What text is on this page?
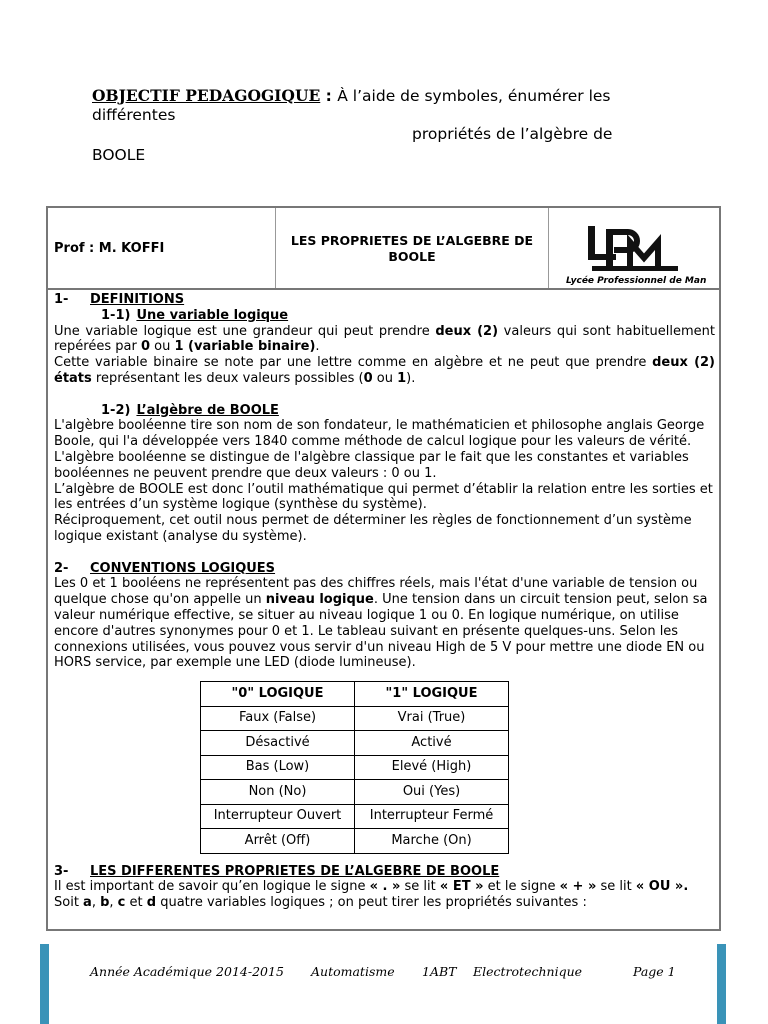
OBJECTIF PEDAGOGIQUE : À l’aide de symboles, énumérer les différentes
propriétés de l’algèbre de
BOOLE
Prof : M. KOFFI
LES PROPRIETES DE L’ALGEBRE DE BOOLE
Lycée Professionnel de Man

1- DEFINITIONS

1-1) Une variable logique

Une variable logique est une grandeur qui peut prendre deux (2) valeurs qui sont habituellement repérées par 0 ou 1 (variable binaire).

Cette variable binaire se note par une lettre comme en algèbre et ne peut que prendre deux (2) états représentant les deux valeurs possibles (0 ou 1).

1-2) L’algèbre de BOOLE

L'algèbre booléenne tire son nom de son fondateur, le mathématicien et philosophe anglais George Boole, qui l'a développée vers 1840 comme méthode de calcul logique pour les valeurs de vérité. L'algèbre booléenne se distingue de l'algèbre classique par le fait que les constantes et variables booléennes ne peuvent prendre que deux valeurs : 0 ou 1.

L’algèbre de BOOLE est donc l’outil mathématique qui permet d’établir la relation entre les sorties et les entrées d’un système logique (synthèse du système).

Réciproquement, cet outil nous permet de déterminer les règles de fonctionnement d’un système logique existant (analyse du système).

2- CONVENTIONS LOGIQUES

Les 0 et 1 booléens ne représentent pas des chiffres réels, mais l'état d'une variable de tension ou quelque chose qu'on appelle un niveau logique. Une tension dans un circuit tension peut, selon sa valeur numérique effective, se situer au niveau logique 1 ou 0. En logique numérique, on utilise encore d'autres synonymes pour 0 et 1. Le tableau suivant en présente quelques-uns. Selon les connexions utilisées, vous pouvez vous servir d'un niveau High de 5 V pour mettre une diode EN ou HORS service, par exemple une LED (diode lumineuse).

"0" LOGIQUE	"1" LOGIQUE
Faux (False)	Vrai (True)
Désactivé	Activé
Bas (Low)	Elevé (High)
Non (No)	Oui (Yes)
Interrupteur Ouvert	Interrupteur Fermé
Arrêt (Off)	Marche (On)

3- LES DIFFERENTES PROPRIETES DE L’ALGEBRE DE BOOLE

Il est important de savoir qu’en logique le signe « . » se lit « ET » et le signe « + » se lit « OU ». Soit a, b, c et d quatre variables logiques ; on peut tirer les propriétés suivantes :

Année Académique 2014-2015 Automatisme 1ABT Electrotechnique	Page 1
